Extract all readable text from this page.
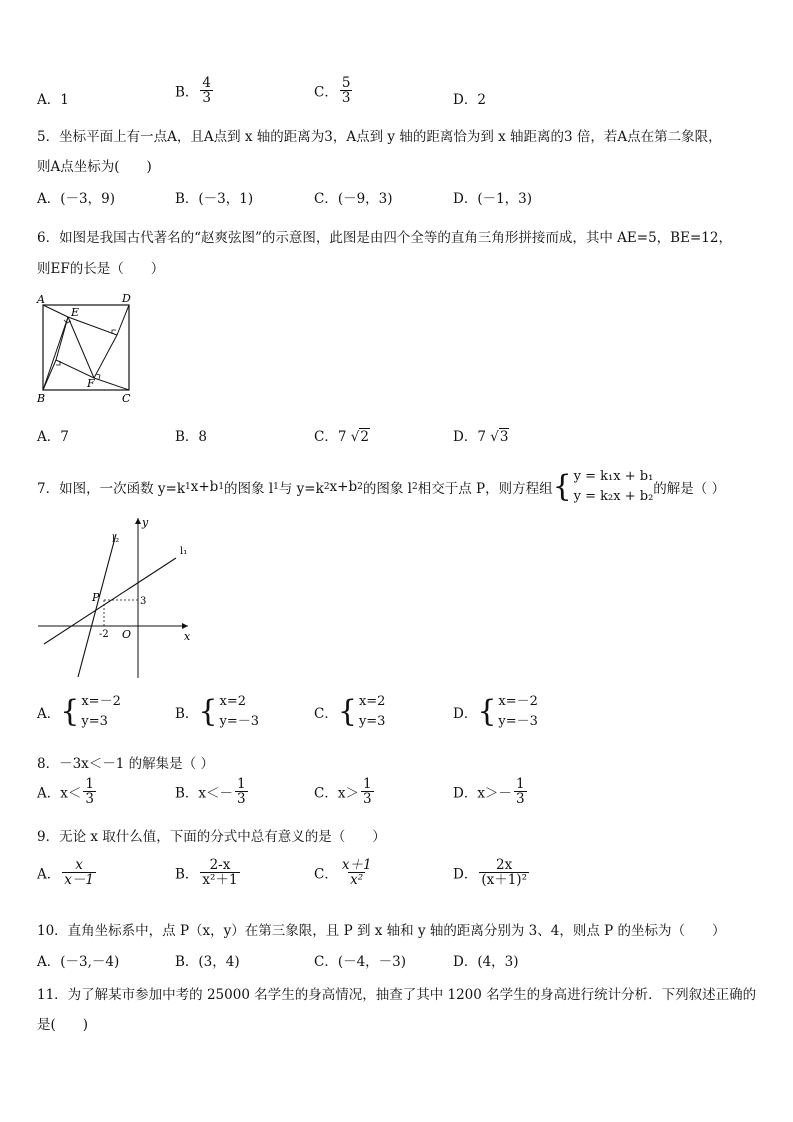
A．1	B． $\frac{4}{3}$	C． $\frac{5}{3}$	D．2
5．坐标平面上有一点A，且A点到 x 轴的距离为3，A点到 y 轴的距离恰为到 x 轴距离的3 倍，若A点在第二象限，
则A点坐标为(　　)
A．(－3，9)	B．(－3，1)	C．(－9，3)	D．(－1，3)
6．如图是我国古代著名的“赵爽弦图”的示意图，此图是由四个全等的直角三角形拼接而成，其中 AE=5，BE=12，
则EF的长是（　　）
A	D
E
B
F
C
A．7	B．8	C．7 √2	D．7 √3
7．如图，一次函数 y=k 1 x+b 1 的图象 l 1 与 y=k 2 x+b 2 的图象 l 2 相交于点 P，则方程组 { y = k₁x + b₁
y = k₂x + b₂ 的解是（ ）
y
x
l₁
l₂
P	3
-2 O
A． { x=－2
y=3	B． { x=2
y=－3	C． { x=2
y=3	D． { x=－2
y=－3
8．－3x＜－1 的解集是（ ）
A．$x< \frac{1}{3}$	B．$x<- \frac{1}{3}$	C．$x> \frac{1}{3}$	D．$x>- \frac{1}{3}$
9．无论 x 取什么值，下面的分式中总有意义的是（　　）
A． $\frac{x}{x-1}$	B． $\frac{2-x}{\text{x²＋1}}$	C． $\frac{x+1}{\text{x²}}$	D． $\frac{2x}{\text{(x＋1)²}}$
10．直角坐标系中，点 P（x，y）在第三象限，且 P 到 x 轴和 y 轴的距离分别为 3、4，则点 P 的坐标为（　　）
A．(－3,－4)	B．(3，4)	C．(－4，－3)	D．(4，3)
11．为了解某市参加中考的 25000 名学生的身高情况，抽查了其中 1200 名学生的身高进行统计分析．下列叙述正确的
是(　　)
